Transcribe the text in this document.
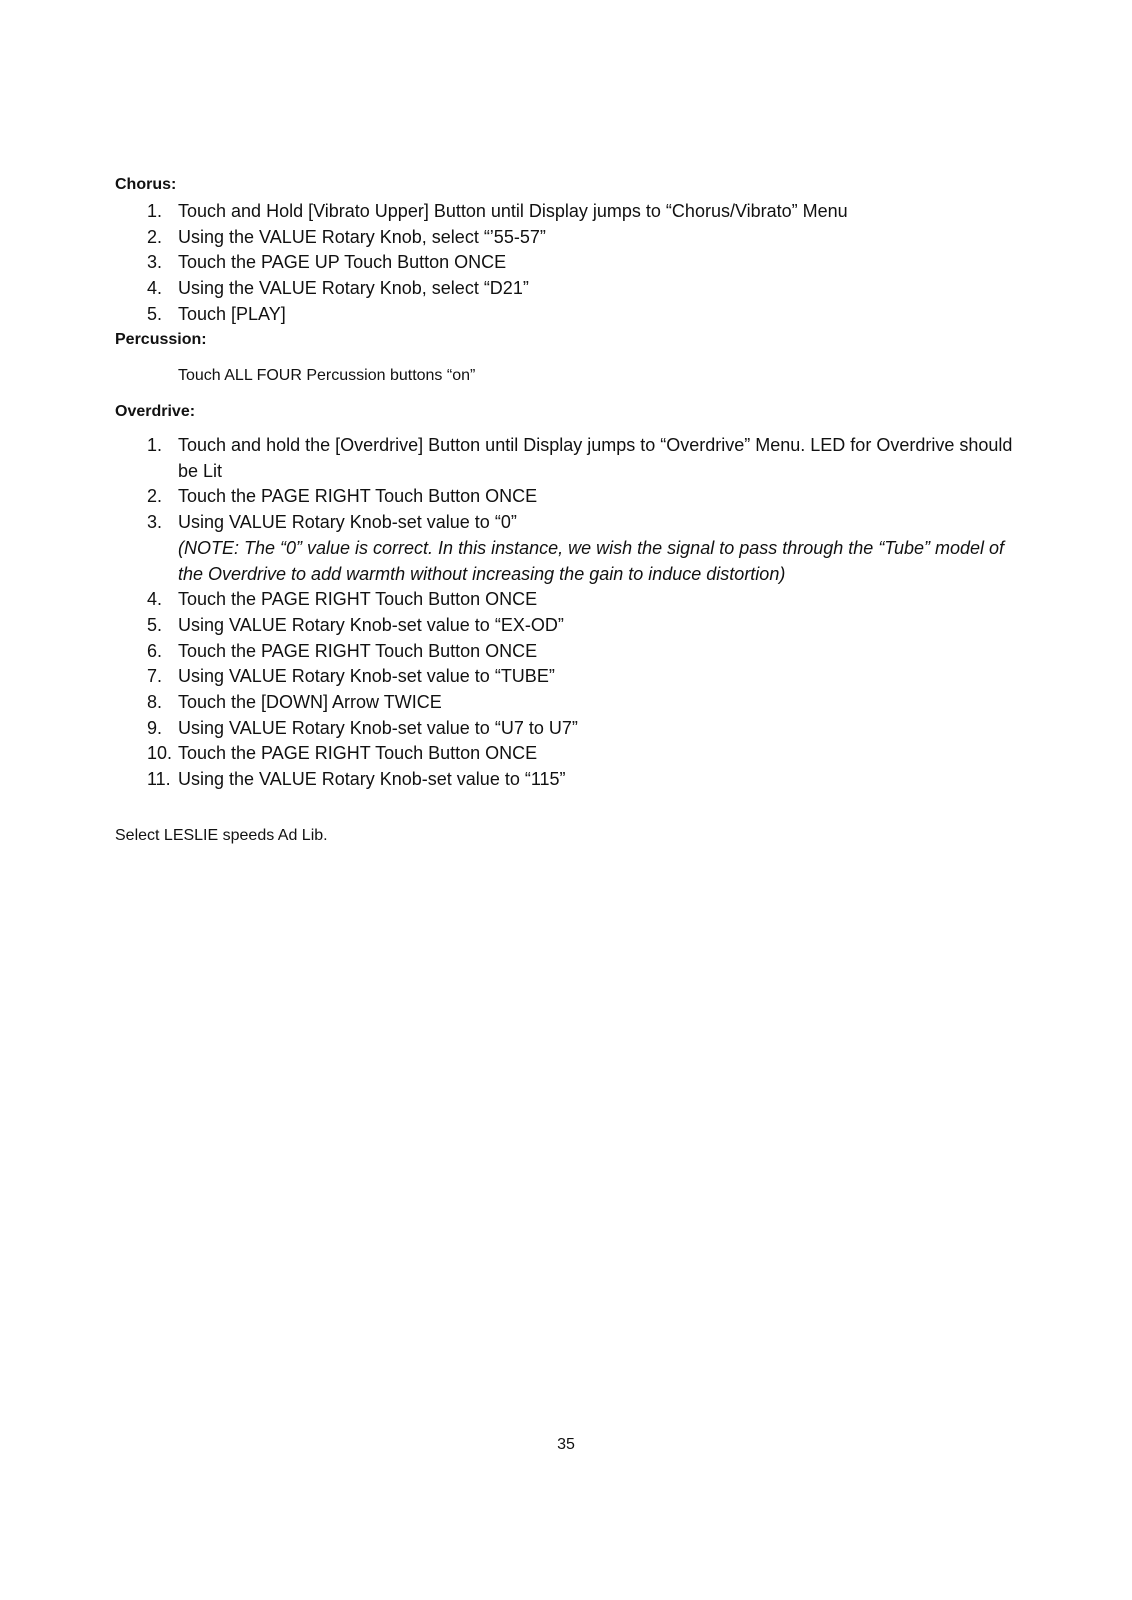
Chorus:

1. Touch and Hold [Vibrato Upper] Button until Display jumps to “Chorus/Vibrato” Menu
2. Using the VALUE Rotary Knob, select “’55-57”
3. Touch the PAGE UP Touch Button ONCE
4. Using the VALUE Rotary Knob, select “D21”
5. Touch [PLAY]

Percussion:

Touch ALL FOUR Percussion buttons “on”

Overdrive:

1. Touch and hold the [Overdrive] Button until Display jumps to “Overdrive” Menu. LED for Overdrive should be Lit
2. Touch the PAGE RIGHT Touch Button ONCE
3. Using VALUE Rotary Knob-set value to “0”
(NOTE: The “0” value is correct. In this instance, we wish the signal to pass through the “Tube” model of the Overdrive to add warmth without increasing the gain to induce distortion)
4. Touch the PAGE RIGHT Touch Button ONCE
5. Using VALUE Rotary Knob-set value to “EX-OD”
6. Touch the PAGE RIGHT Touch Button ONCE
7. Using VALUE Rotary Knob-set value to “TUBE”
8. Touch the [DOWN] Arrow TWICE
9. Using VALUE Rotary Knob-set value to “U7 to U7”
10. Touch the PAGE RIGHT Touch Button ONCE
11. Using the VALUE Rotary Knob-set value to “115”

Select LESLIE speeds Ad Lib.

35
